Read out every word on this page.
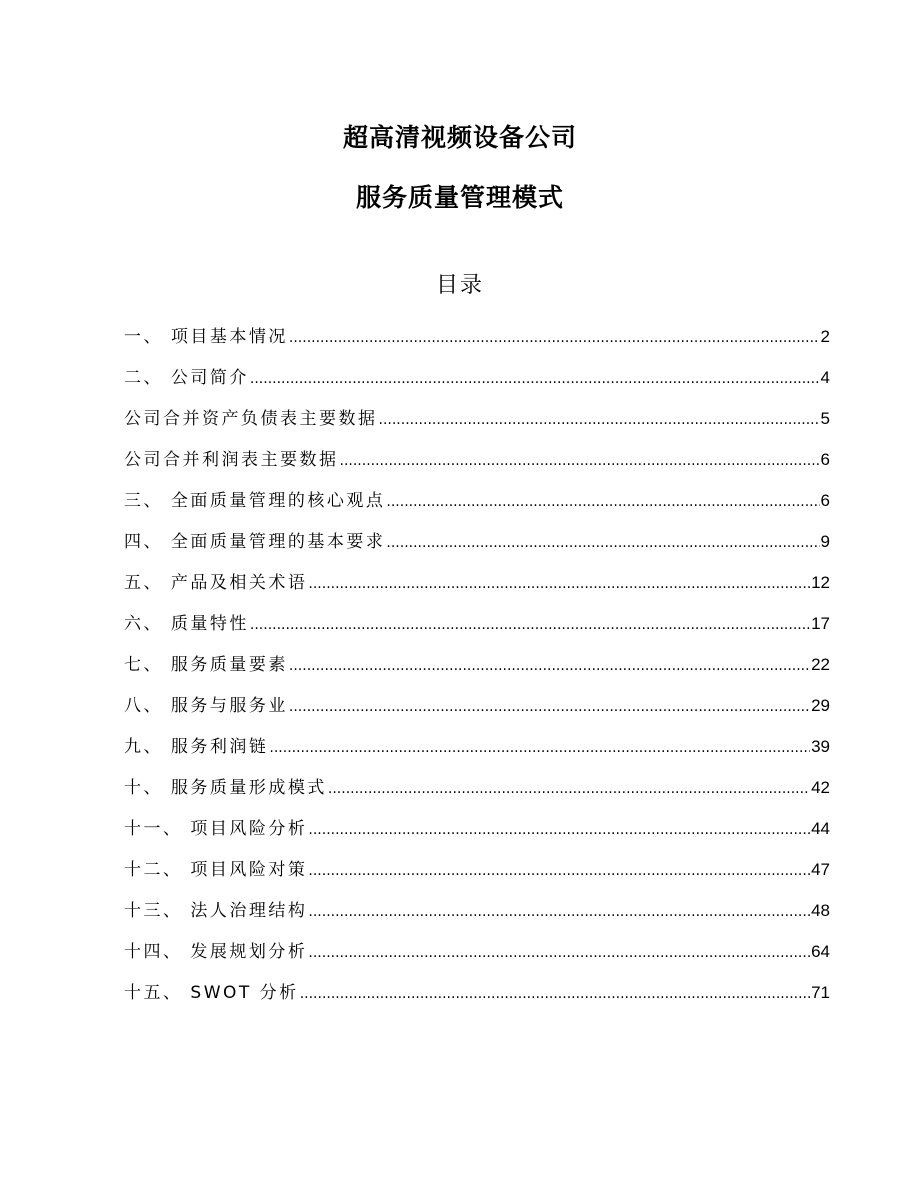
超高清视频设备公司
服务质量管理模式
目录
一、 项目基本情况 .....	2
二、 公司简介 .....	4
公司合并资产负债表主要数据 .....	5
公司合并利润表主要数据 .....	6
三、 全面质量管理的核心观点 .....	6
四、 全面质量管理的基本要求 .....	9
五、 产品及相关术语 .....	12
六、 质量特性 .....	17
七、 服务质量要素 .....	22
八、 服务与服务业 .....	29
九、 服务利润链 .....	39
十、 服务质量形成模式 .....	42
十一、 项目风险分析 .....	44
十二、 项目风险对策 .....	47
十三、 法人治理结构 .....	48
十四、 发展规划分析 .....	64
十五、 SWOT 分析 .....	71
